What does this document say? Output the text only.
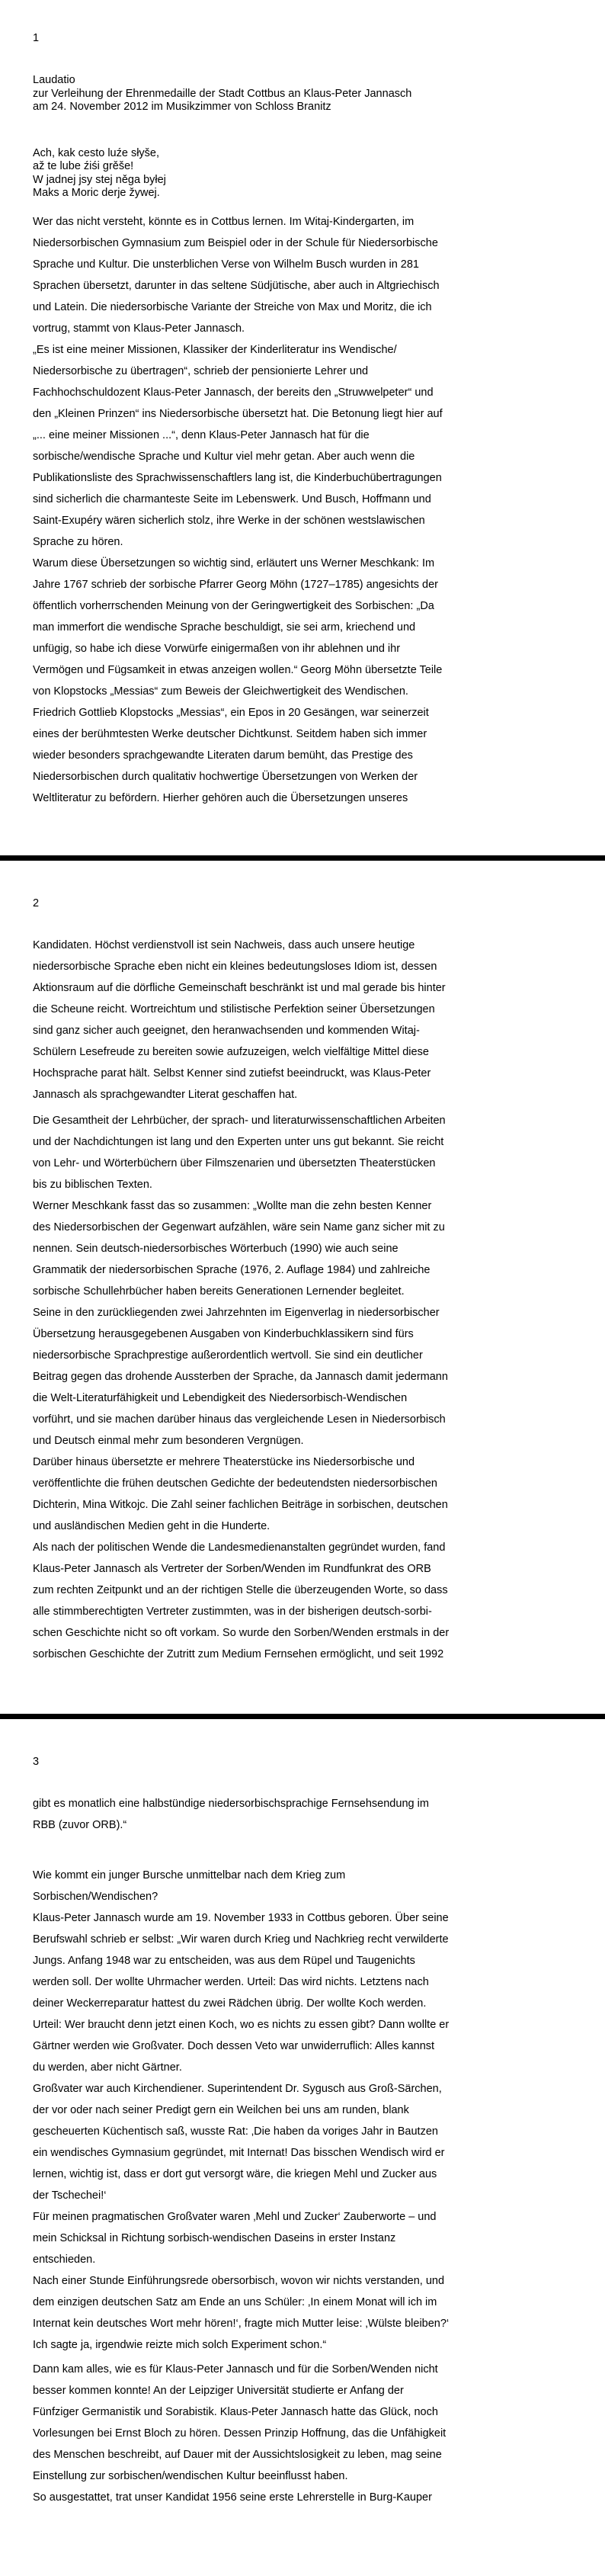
1
Laudatio
zur Verleihung der Ehrenmedaille der Stadt Cottbus an Klaus-Peter Jannasch
am 24. November 2012 im Musikzimmer von Schloss Branitz
Ach, kak cesto luźe słyše,
až te lube źiśi grěše!
W jadnej jsy stej něga byłej
Maks a Moric derje žywej.
Wer das nicht versteht, könnte es in Cottbus lernen. Im Witaj-Kindergarten, im
Niedersorbischen Gymnasium zum Beispiel oder in der Schule für Niedersorbische
Sprache und Kultur. Die unsterblichen Verse von Wilhelm Busch wurden in 281
Sprachen übersetzt, darunter in das seltene Südjütische, aber auch in Altgriechisch
und Latein. Die niedersorbische Variante der Streiche von Max und Moritz, die ich
vortrug, stammt von Klaus-Peter Jannasch.
„Es ist eine meiner Missionen, Klassiker der Kinderliteratur ins Wendische/
Niedersorbische zu übertragen“, schrieb der pensionierte Lehrer und
Fachhochschuldozent Klaus-Peter Jannasch, der bereits den „Struwwelpeter“ und
den „Kleinen Prinzen“ ins Niedersorbische übersetzt hat. Die Betonung liegt hier auf
„... eine meiner Missionen ...“, denn Klaus-Peter Jannasch hat für die
sorbische/wendische Sprache und Kultur viel mehr getan. Aber auch wenn die
Publikationsliste des Sprachwissenschaftlers lang ist, die Kinderbuchübertragungen
sind sicherlich die charmanteste Seite im Lebenswerk. Und Busch, Hoffmann und
Saint-Exupéry wären sicherlich stolz, ihre Werke in der schönen westslawischen
Sprache zu hören.
Warum diese Übersetzungen so wichtig sind, erläutert uns Werner Meschkank: Im
Jahre 1767 schrieb der sorbische Pfarrer Georg Möhn (1727–1785) angesichts der
öffentlich vorherrschenden Meinung von der Geringwertigkeit des Sorbischen: „Da
man immerfort die wendische Sprache beschuldigt, sie sei arm, kriechend und
unfügig, so habe ich diese Vorwürfe einigermaßen von ihr ablehnen und ihr
Vermögen und Fügsamkeit in etwas anzeigen wollen.“ Georg Möhn übersetzte Teile
von Klopstocks „Messias“ zum Beweis der Gleichwertigkeit des Wendischen.
Friedrich Gottlieb Klopstocks „Messias“, ein Epos in 20 Gesängen, war seinerzeit
eines der berühmtesten Werke deutscher Dichtkunst. Seitdem haben sich immer
wieder besonders sprachgewandte Literaten darum bemüht, das Prestige des
Niedersorbischen durch qualitativ hochwertige Übersetzungen von Werken der
Weltliteratur zu befördern. Hierher gehören auch die Übersetzungen unseres
2
Kandidaten. Höchst verdienstvoll ist sein Nachweis, dass auch unsere heutige
niedersorbische Sprache eben nicht ein kleines bedeutungsloses Idiom ist, dessen
Aktionsraum auf die dörfliche Gemeinschaft beschränkt ist und mal gerade bis hinter
die Scheune reicht. Wortreichtum und stilistische Perfektion seiner Übersetzungen
sind ganz sicher auch geeignet, den heranwachsenden und kommenden Witaj-
Schülern Lesefreude zu bereiten sowie aufzuzeigen, welch vielfältige Mittel diese
Hochsprache parat hält. Selbst Kenner sind zutiefst beeindruckt, was Klaus-Peter
Jannasch als sprachgewandter Literat geschaffen hat.
Die Gesamtheit der Lehrbücher, der sprach- und literaturwissenschaftlichen Arbeiten
und der Nachdichtungen ist lang und den Experten unter uns gut bekannt. Sie reicht
von Lehr- und Wörterbüchern über Filmszenarien und übersetzten Theaterstücken
bis zu biblischen Texten.
Werner Meschkank fasst das so zusammen: „Wollte man die zehn besten Kenner
des Niedersorbischen der Gegenwart aufzählen, wäre sein Name ganz sicher mit zu
nennen. Sein deutsch-niedersorbisches Wörterbuch (1990) wie auch seine
Grammatik der niedersorbischen Sprache (1976, 2. Auflage 1984) und zahlreiche
sorbische Schullehrbücher haben bereits Generationen Lernender begleitet.
Seine in den zurückliegenden zwei Jahrzehnten im Eigenverlag in niedersorbischer
Übersetzung herausgegebenen Ausgaben von Kinderbuchklassikern sind fürs
niedersorbische Sprachprestige außerordentlich wertvoll. Sie sind ein deutlicher
Beitrag gegen das drohende Aussterben der Sprache, da Jannasch damit jedermann
die Welt-Literaturfähigkeit und Lebendigkeit des Niedersorbisch-Wendischen
vorführt, und sie machen darüber hinaus das vergleichende Lesen in Niedersorbisch
und Deutsch einmal mehr zum besonderen Vergnügen.
Darüber hinaus übersetzte er mehrere Theaterstücke ins Niedersorbische und
veröffentlichte die frühen deutschen Gedichte der bedeutendsten niedersorbischen
Dichterin, Mina Witkojc. Die Zahl seiner fachlichen Beiträge in sorbischen, deutschen
und ausländischen Medien geht in die Hunderte.
Als nach der politischen Wende die Landesmedienanstalten gegründet wurden, fand
Klaus-Peter Jannasch als Vertreter der Sorben/Wenden im Rundfunkrat des ORB
zum rechten Zeitpunkt und an der richtigen Stelle die überzeugenden Worte, so dass
alle stimmberechtigten Vertreter zustimmten, was in der bisherigen deutsch-sorbi-
schen Geschichte nicht so oft vorkam. So wurde den Sorben/Wenden erstmals in der
sorbischen Geschichte der Zutritt zum Medium Fernsehen ermöglicht, und seit 1992
3
gibt es monatlich eine halbstündige niedersorbischsprachige Fernsehsendung im
RBB (zuvor ORB).“
Wie kommt ein junger Bursche unmittelbar nach dem Krieg zum
Sorbischen/Wendischen?
Klaus-Peter Jannasch wurde am 19. November 1933 in Cottbus geboren. Über seine
Berufswahl schrieb er selbst: „Wir waren durch Krieg und Nachkrieg recht verwilderte
Jungs. Anfang 1948 war zu entscheiden, was aus dem Rüpel und Taugenichts
werden soll. Der wollte Uhrmacher werden. Urteil: Das wird nichts. Letztens nach
deiner Weckerreparatur hattest du zwei Rädchen übrig. Der wollte Koch werden.
Urteil: Wer braucht denn jetzt einen Koch, wo es nichts zu essen gibt? Dann wollte er
Gärtner werden wie Großvater. Doch dessen Veto war unwiderruflich: Alles kannst
du werden, aber nicht Gärtner.
Großvater war auch Kirchendiener. Superintendent Dr. Sygusch aus Groß-Särchen,
der vor oder nach seiner Predigt gern ein Weilchen bei uns am runden, blank
gescheuerten Küchentisch saß, wusste Rat: ‚Die haben da voriges Jahr in Bautzen
ein wendisches Gymnasium gegründet, mit Internat! Das bisschen Wendisch wird er
lernen, wichtig ist, dass er dort gut versorgt wäre, die kriegen Mehl und Zucker aus
der Tschechei!‘
Für meinen pragmatischen Großvater waren ‚Mehl und Zucker‘ Zauberworte – und
mein Schicksal in Richtung sorbisch-wendischen Daseins in erster Instanz
entschieden.
Nach einer Stunde Einführungsrede obersorbisch, wovon wir nichts verstanden, und
dem einzigen deutschen Satz am Ende an uns Schüler: ‚In einem Monat will ich im
Internat kein deutsches Wort mehr hören!‘, fragte mich Mutter leise: ‚Wülste bleiben?‘
Ich sagte ja, irgendwie reizte mich solch Experiment schon.“
Dann kam alles, wie es für Klaus-Peter Jannasch und für die Sorben/Wenden nicht
besser kommen konnte! An der Leipziger Universität studierte er Anfang der
Fünfziger Germanistik und Sorabistik. Klaus-Peter Jannasch hatte das Glück, noch
Vorlesungen bei Ernst Bloch zu hören. Dessen Prinzip Hoffnung, das die Unfähigkeit
des Menschen beschreibt, auf Dauer mit der Aussichtslosigkeit zu leben, mag seine
Einstellung zur sorbischen/wendischen Kultur beeinflusst haben.
So ausgestattet, trat unser Kandidat 1956 seine erste Lehrerstelle in Burg-Kauper
